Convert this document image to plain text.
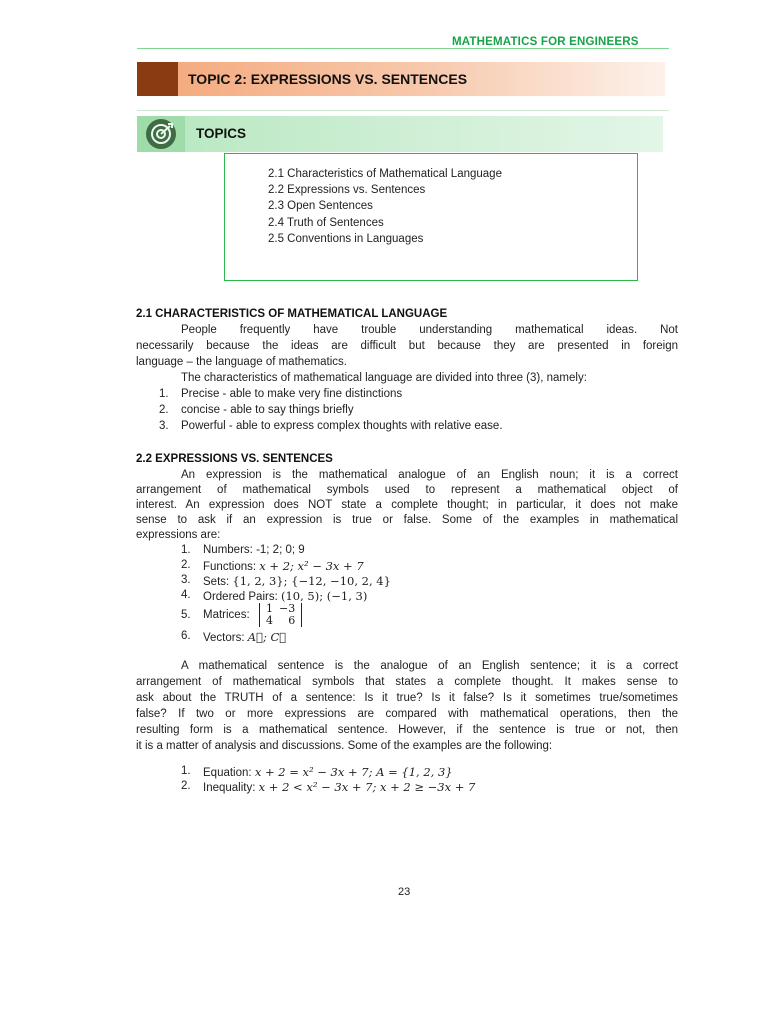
MATHEMATICS FOR ENGINEERS
TOPIC 2: EXPRESSIONS VS. SENTENCES
TOPICS
2.1 Characteristics of Mathematical Language
2.2 Expressions vs. Sentences
2.3 Open Sentences
2.4 Truth of Sentences
2.5 Conventions in Languages
2.1 CHARACTERISTICS OF MATHEMATICAL LANGUAGE
People frequently have trouble understanding mathematical ideas. Not
necessarily because the ideas are difficult but because they are presented in foreign
language – the language of mathematics.
The characteristics of mathematical language are divided into three (3), namely:
1. Precise - able to make very fine distinctions
2. concise - able to say things briefly
3. Powerful - able to express complex thoughts with relative ease.
2.2 EXPRESSIONS VS. SENTENCES
An expression is the mathematical analogue of an English noun; it is a correct
arrangement of mathematical symbols used to represent a mathematical object of
interest. An expression does NOT state a complete thought; in particular, it does not make
sense to ask if an expression is true or false. Some of the examples in mathematical
expressions are:
1. Numbers: -1; 2; 0; 9
2. Functions: x + 2; x² − 3x + 7
3. Sets: {1, 2, 3}; {−12, −10, 2, 4}
4. Ordered Pairs: (10, 5); (−1, 3)
5. Matrices: 1	−3
4	6
6. Vectors: A⃗; C⃗
A mathematical sentence is the analogue of an English sentence; it is a correct
arrangement of mathematical symbols that states a complete thought. It makes sense to
ask about the TRUTH of a sentence: Is it true? Is it false? Is it sometimes true/sometimes
false? If two or more expressions are compared with mathematical operations, then the
resulting form is a mathematical sentence. However, if the sentence is true or not, then
it is a matter of analysis and discussions. Some of the examples are the following:
1. Equation: x + 2 = x² − 3x + 7; A = {1, 2, 3}
2. Inequality: x + 2 < x² − 3x + 7; x + 2 ≥ −3x + 7
23
